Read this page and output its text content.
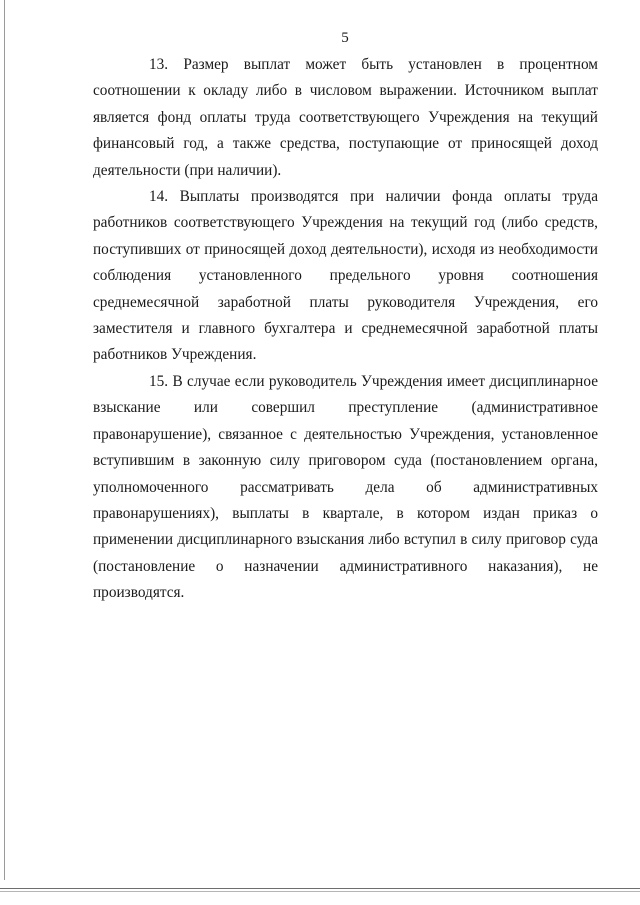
5

13. Размер выплат может быть установлен в процентном соотношении к окладу либо в числовом выражении. Источником выплат является фонд оплаты труда соответствующего Учреждения на текущий финансовый год, а также средства, поступающие от приносящей доход деятельности (при наличии).

14. Выплаты производятся при наличии фонда оплаты труда работников соответствующего Учреждения на текущий год (либо средств, поступивших от приносящей доход деятельности), исходя из необходимости соблюдения установленного предельного уровня соотношения среднемесячной заработной платы руководителя Учреждения, его заместителя и главного бухгалтера и среднемесячной заработной платы работников Учреждения.

15. В случае если руководитель Учреждения имеет дисциплинарное взыскание или совершил преступление (административное правонарушение), связанное с деятельностью Учреждения, установленное вступившим в законную силу приговором суда (постановлением органа, уполномоченного рассматривать дела об административных правонарушениях), выплаты в квартале, в котором издан приказ о применении дисциплинарного взыскания либо вступил в силу приговор суда (постановление о назначении административного наказания), не производятся.
